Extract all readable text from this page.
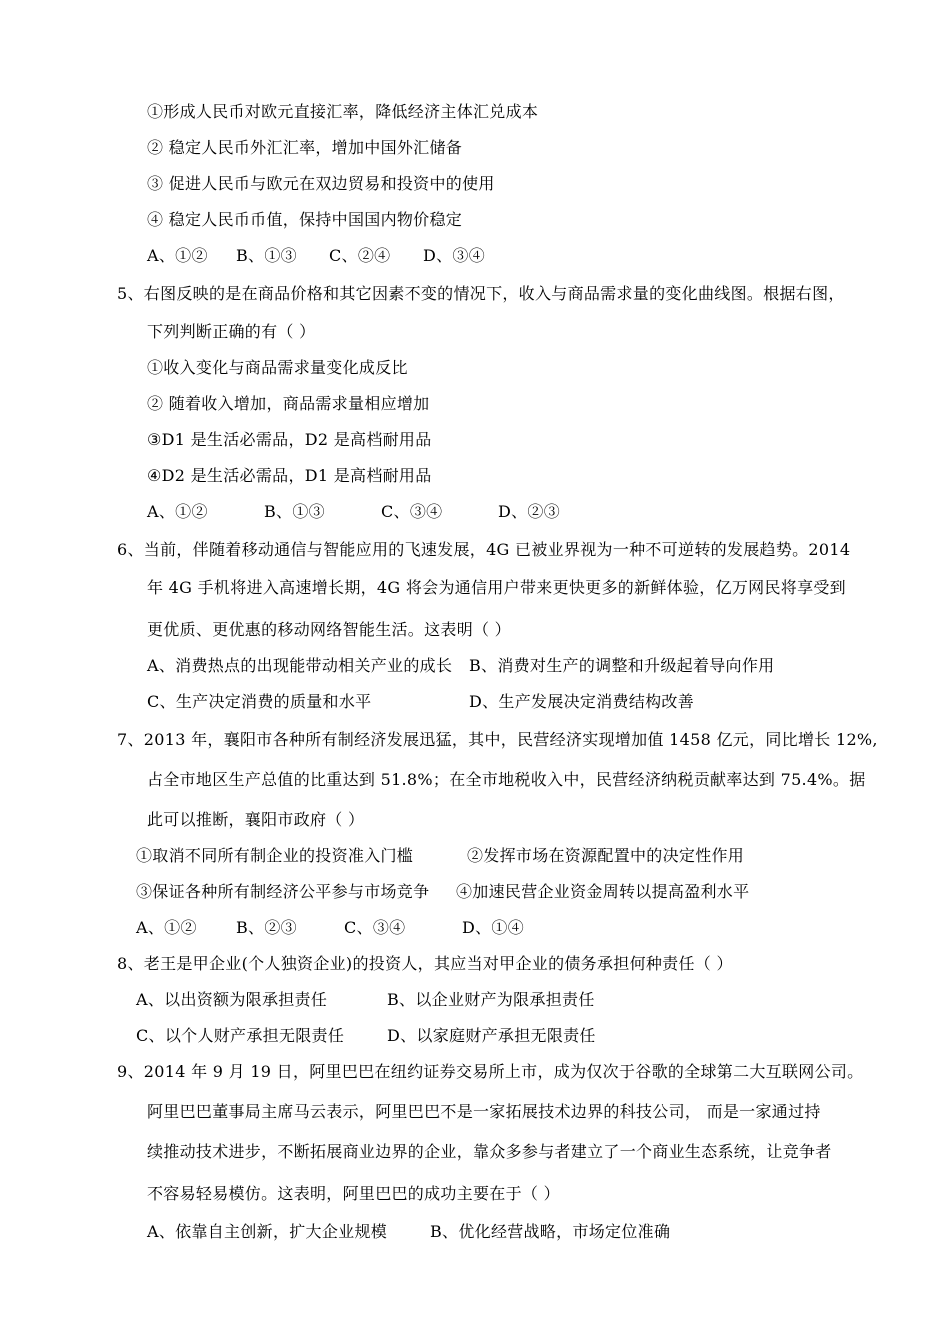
①形成人民币对欧元直接汇率，降低经济主体汇兑成本
② 稳定人民币外汇汇率，增加中国外汇储备
③ 促进人民币与欧元在双边贸易和投资中的使用
④ 稳定人民币币值，保持中国国内物价稳定
A、①② B、①③ C、②④ D、③④
5、右图反映的是在商品价格和其它因素不变的情况下，收入与商品需求量的变化曲线图。根据右图，
下列判断正确的有（ ）
①收入变化与商品需求量变化成反比
② 随着收入增加，商品需求量相应增加
③D1 是生活必需品，D2 是高档耐用品
④D2 是生活必需品，D1 是高档耐用品
A、①②	B、①③	C、③④	D、②③
6、当前，伴随着移动通信与智能应用的飞速发展，4G 已被业界视为一种不可逆转的发展趋势。2014
年 4G 手机将进入高速增长期，4G 将会为通信用户带来更快更多的新鲜体验，亿万网民将享受到
更优质、更优惠的移动网络智能生活。这表明（ ）
A、消费热点的出现能带动相关产业的成长 B、消费对生产的调整和升级起着导向作用
C、生产决定消费的质量和水平	D、生产发展决定消费结构改善
7、2013 年，襄阳市各种所有制经济发展迅猛，其中，民营经济实现增加值 1458 亿元，同比增长 12%,
占全市地区生产总值的比重达到 51.8%；在全市地税收入中，民营经济纳税贡献率达到 75.4%。据
此可以推断，襄阳市政府（ ）
①取消不同所有制企业的投资准入门槛	②发挥市场在资源配置中的决定性作用
③保证各种所有制经济公平参与市场竞争 ④加速民营企业资金周转以提高盈利水平
A、①② B、②③	C、③④	D、①④
8、老王是甲企业(个人独资企业)的投资人，其应当对甲企业的债务承担何种责任（ ）
A、以出资额为限承担责任	B、以企业财产为限承担责任
C、以个人财产承担无限责任	D、以家庭财产承担无限责任
9、2014 年 9 月 19 日，阿里巴巴在纽约证券交易所上市，成为仅次于谷歌的全球第二大互联网公司。
阿里巴巴董事局主席马云表示，阿里巴巴不是一家拓展技术边界的科技公司， 而是一家通过持
续推动技术进步，不断拓展商业边界的企业，靠众多参与者建立了一个商业生态系统，让竞争者
不容易轻易模仿。这表明，阿里巴巴的成功主要在于（ ）
A、依靠自主创新，扩大企业规模	B、优化经营战略，市场定位准确
